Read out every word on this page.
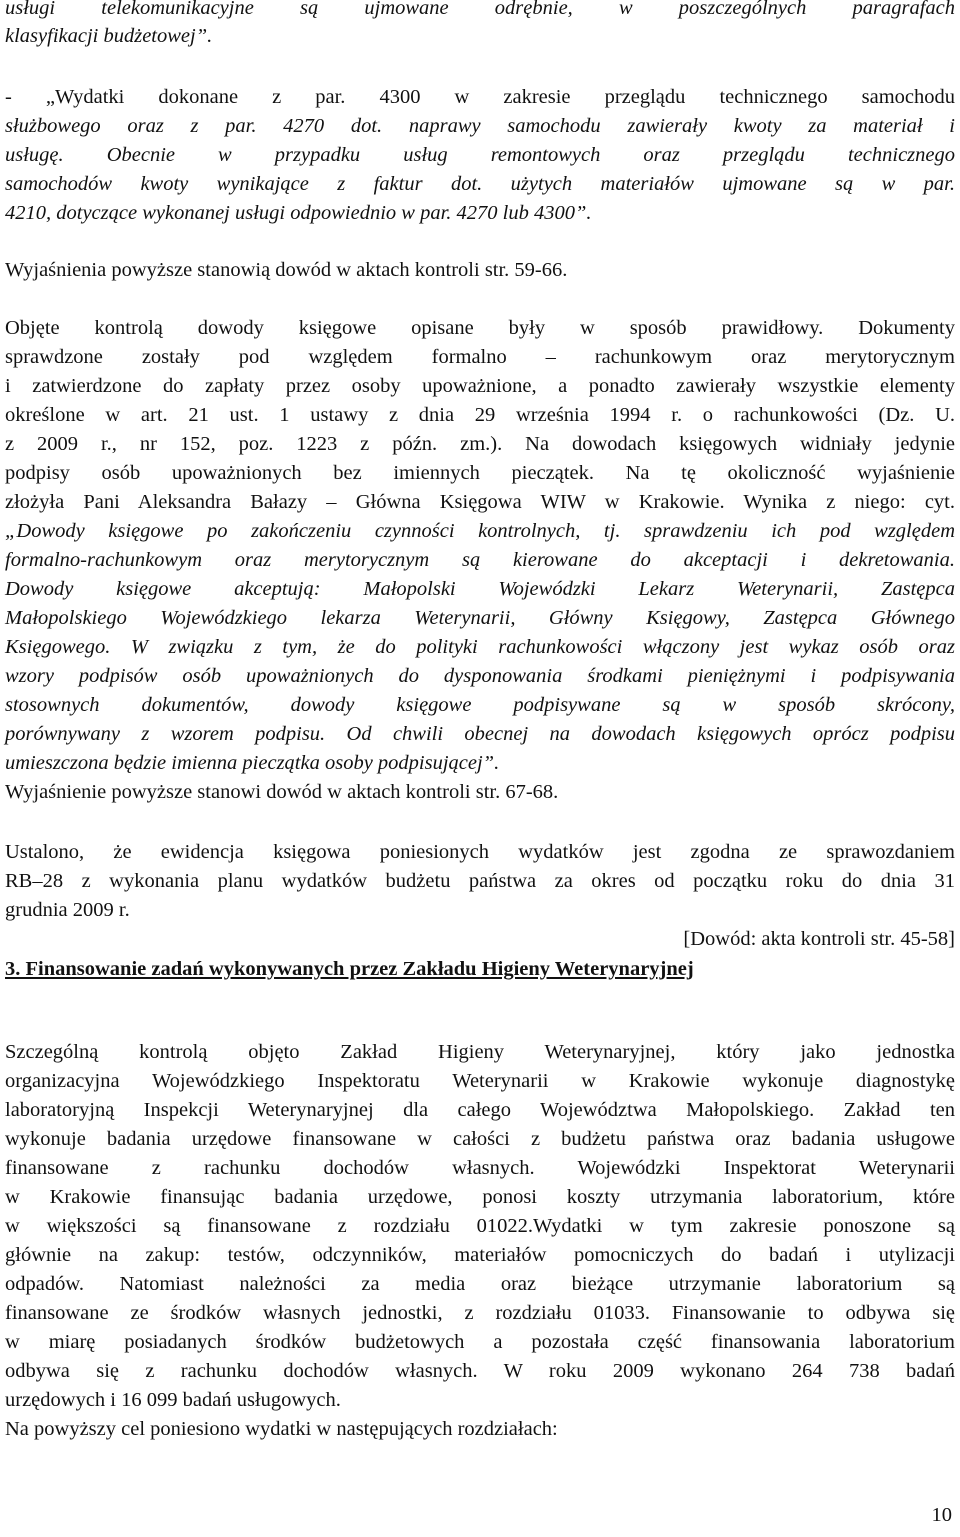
usługi telekomunikacyjne są ujmowane odrębnie, w poszczególnych paragrafach
klasyfikacji budżetowej”.
- „Wydatki dokonane z par. 4300 w zakresie przeglądu technicznego samochodu
służbowego oraz z par. 4270 dot. naprawy samochodu zawierały kwoty za materiał i
usługę. Obecnie w przypadku usług remontowych oraz przeglądu technicznego
samochodów kwoty wynikające z faktur dot. użytych materiałów ujmowane są w par.
4210, dotyczące wykonanej usługi odpowiednio w par. 4270 lub 4300”.
Wyjaśnienia powyższe stanowią dowód w aktach kontroli str. 59-66.
Objęte kontrolą dowody księgowe opisane były w sposób prawidłowy. Dokumenty
sprawdzone zostały pod względem formalno – rachunkowym oraz merytorycznym
i zatwierdzone do zapłaty przez osoby upoważnione, a ponadto zawierały wszystkie elementy
określone w art. 21 ust. 1 ustawy z dnia 29 września 1994 r. o rachunkowości (Dz. U.
z 2009 r., nr 152, poz. 1223 z późn. zm.). Na dowodach księgowych widniały jedynie
podpisy osób upoważnionych bez imiennych pieczątek. Na tę okoliczność wyjaśnienie
złożyła Pani Aleksandra Bałazy – Główna Księgowa WIW w Krakowie. Wynika z niego: cyt.
„Dowody księgowe po zakończeniu czynności kontrolnych, tj. sprawdzeniu ich pod względem
formalno-rachunkowym oraz merytorycznym są kierowane do akceptacji i dekretowania.
Dowody księgowe akceptują: Małopolski Wojewódzki Lekarz Weterynarii, Zastępca
Małopolskiego Wojewódzkiego lekarza Weterynarii, Główny Księgowy, Zastępca Głównego
Księgowego. W związku z tym, że do polityki rachunkowości włączony jest wykaz osób oraz
wzory podpisów osób upoważnionych do dysponowania środkami pieniężnymi i podpisywania
stosownych dokumentów, dowody księgowe podpisywane są w sposób skrócony,
porównywany z wzorem podpisu. Od chwili obecnej na dowodach księgowych oprócz podpisu
umieszczona będzie imienna pieczątka osoby podpisującej”.
Wyjaśnienie powyższe stanowi dowód w aktach kontroli str. 67-68.
Ustalono, że ewidencja księgowa poniesionych wydatków jest zgodna ze sprawozdaniem
RB–28 z wykonania planu wydatków budżetu państwa za okres od początku roku do dnia 31
grudnia 2009 r.
[Dowód: akta kontroli str. 45-58]
3. Finansowanie zadań wykonywanych przez Zakładu Higieny Weterynaryjnej
Szczególną kontrolą objęto Zakład Higieny Weterynaryjnej, który jako jednostka
organizacyjna Wojewódzkiego Inspektoratu Weterynarii w Krakowie wykonuje diagnostykę
laboratoryjną Inspekcji Weterynaryjnej dla całego Województwa Małopolskiego. Zakład ten
wykonuje badania urzędowe finansowane w całości z budżetu państwa oraz badania usługowe
finansowane z rachunku dochodów własnych. Wojewódzki Inspektorat Weterynarii
w Krakowie finansując badania urzędowe, ponosi koszty utrzymania laboratorium, które
w większości są finansowane z rozdziału 01022.Wydatki w tym zakresie ponoszone są
głównie na zakup: testów, odczynników, materiałów pomocniczych do badań i utylizacji
odpadów. Natomiast należności za media oraz bieżące utrzymanie laboratorium są
finansowane ze środków własnych jednostki, z rozdziału 01033. Finansowanie to odbywa się
w miarę posiadanych środków budżetowych a pozostała część finansowania laboratorium
odbywa się z rachunku dochodów własnych. W roku 2009 wykonano 264 738 badań
urzędowych i 16 099 badań usługowych.
Na powyższy cel poniesiono wydatki w następujących rozdziałach:
10
